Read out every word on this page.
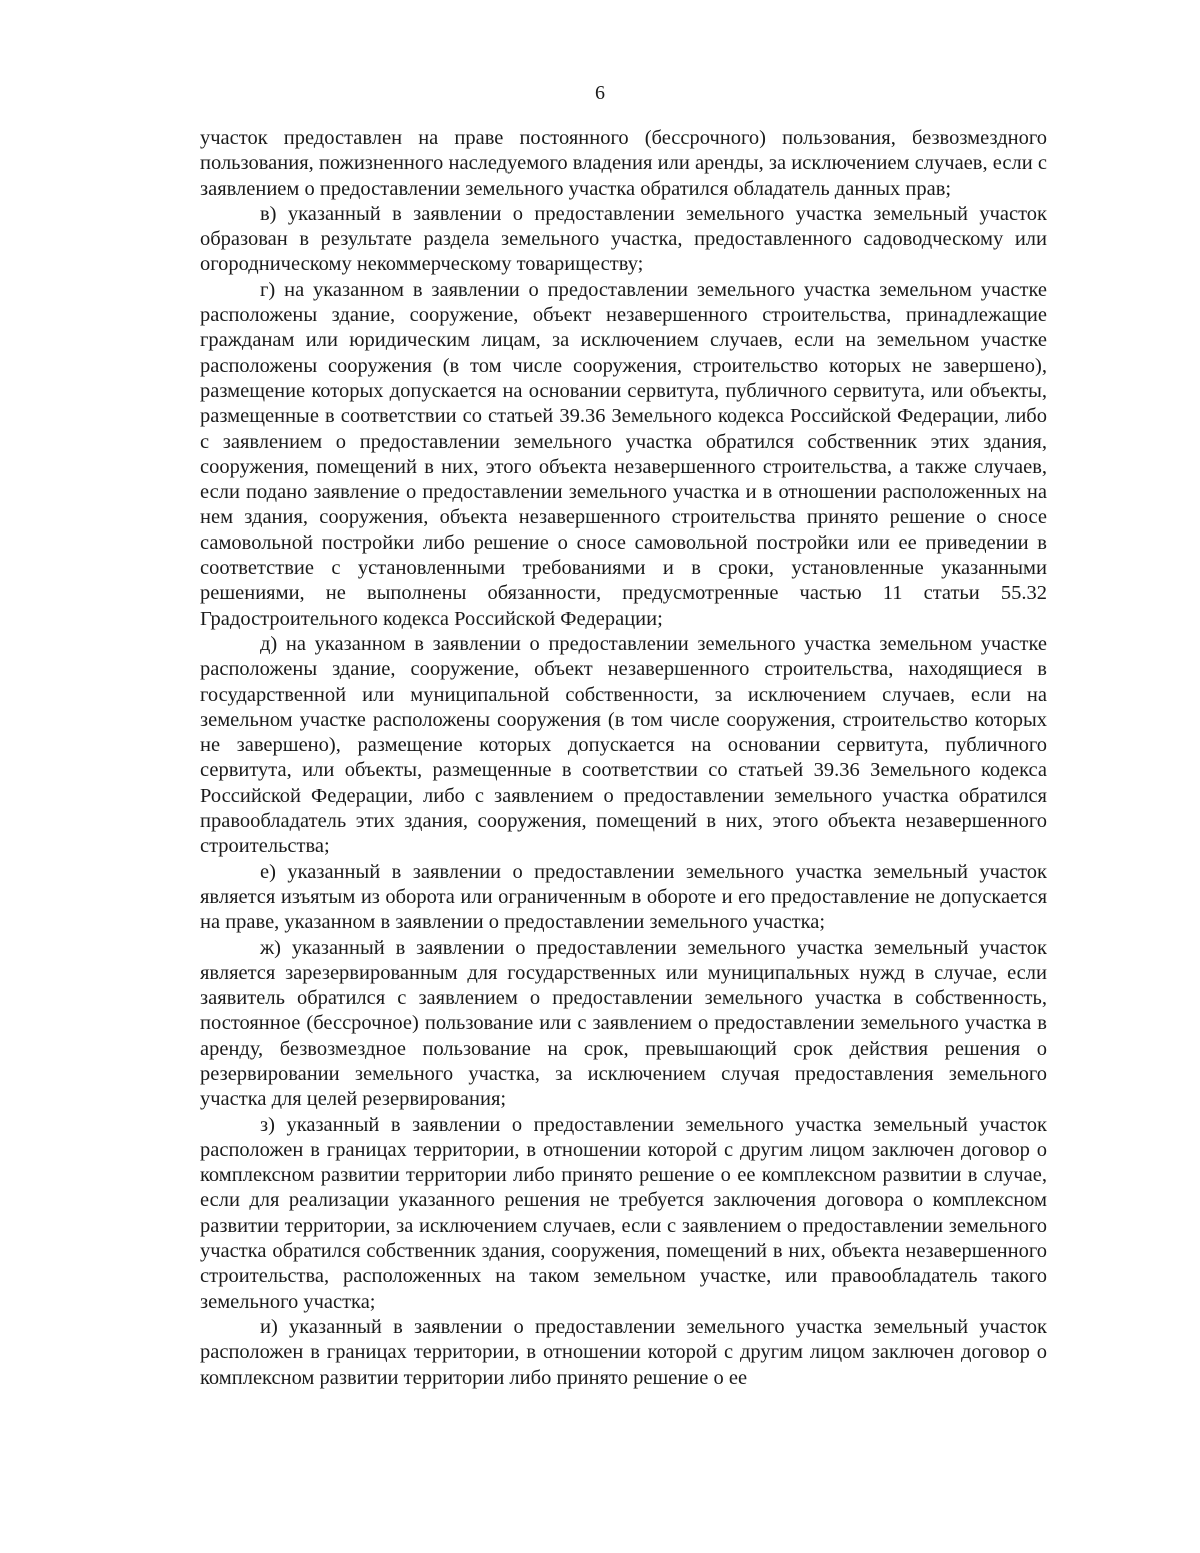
6

участок предоставлен на праве постоянного (бессрочного) пользования, безвозмездного пользования, пожизненного наследуемого владения или аренды, за исключением случаев, если с заявлением о предоставлении земельного участка обратился обладатель данных прав;

в) указанный в заявлении о предоставлении земельного участка земельный участок образован в результате раздела земельного участка, предоставленного садоводческому или огородническому некоммерческому товариществу;

г) на указанном в заявлении о предоставлении земельного участка земельном участке расположены здание, сооружение, объект незавершенного строительства, принадлежащие гражданам или юридическим лицам, за исключением случаев, если на земельном участке расположены сооружения (в том числе сооружения, строительство которых не завершено), размещение которых допускается на основании сервитута, публичного сервитута, или объекты, размещенные в соответствии со статьей 39.36 Земельного кодекса Российской Федерации, либо с заявлением о предоставлении земельного участка обратился собственник этих здания, сооружения, помещений в них, этого объекта незавершенного строительства, а также случаев, если подано заявление о предоставлении земельного участка и в отношении расположенных на нем здания, сооружения, объекта незавершенного строительства принято решение о сносе самовольной постройки либо решение о сносе самовольной постройки или ее приведении в соответствие с установленными требованиями и в сроки, установленные указанными решениями, не выполнены обязанности, предусмотренные частью 11 статьи 55.32 Градостроительного кодекса Российской Федерации;

д) на указанном в заявлении о предоставлении земельного участка земельном участке расположены здание, сооружение, объект незавершенного строительства, находящиеся в государственной или муниципальной собственности, за исключением случаев, если на земельном участке расположены сооружения (в том числе сооружения, строительство которых не завершено), размещение которых допускается на основании сервитута, публичного сервитута, или объекты, размещенные в соответствии со статьей 39.36 Земельного кодекса Российской Федерации, либо с заявлением о предоставлении земельного участка обратился правообладатель этих здания, сооружения, помещений в них, этого объекта незавершенного строительства;

е) указанный в заявлении о предоставлении земельного участка земельный участок является изъятым из оборота или ограниченным в обороте и его предоставление не допускается на праве, указанном в заявлении о предоставлении земельного участка;

ж) указанный в заявлении о предоставлении земельного участка земельный участок является зарезервированным для государственных или муниципальных нужд в случае, если заявитель обратился с заявлением о предоставлении земельного участка в собственность, постоянное (бессрочное) пользование или с заявлением о предоставлении земельного участка в аренду, безвозмездное пользование на срок, превышающий срок действия решения о резервировании земельного участка, за исключением случая предоставления земельного участка для целей резервирования;

з) указанный в заявлении о предоставлении земельного участка земельный участок расположен в границах территории, в отношении которой с другим лицом заключен договор о комплексном развитии территории либо принято решение о ее комплексном развитии в случае, если для реализации указанного решения не требуется заключения договора о комплексном развитии территории, за исключением случаев, если с заявлением о предоставлении земельного участка обратился собственник здания, сооружения, помещений в них, объекта незавершенного строительства, расположенных на таком земельном участке, или правообладатель такого земельного участка;

и) указанный в заявлении о предоставлении земельного участка земельный участок расположен в границах территории, в отношении которой с другим лицом заключен договор о комплексном развитии территории либо принято решение о ее
